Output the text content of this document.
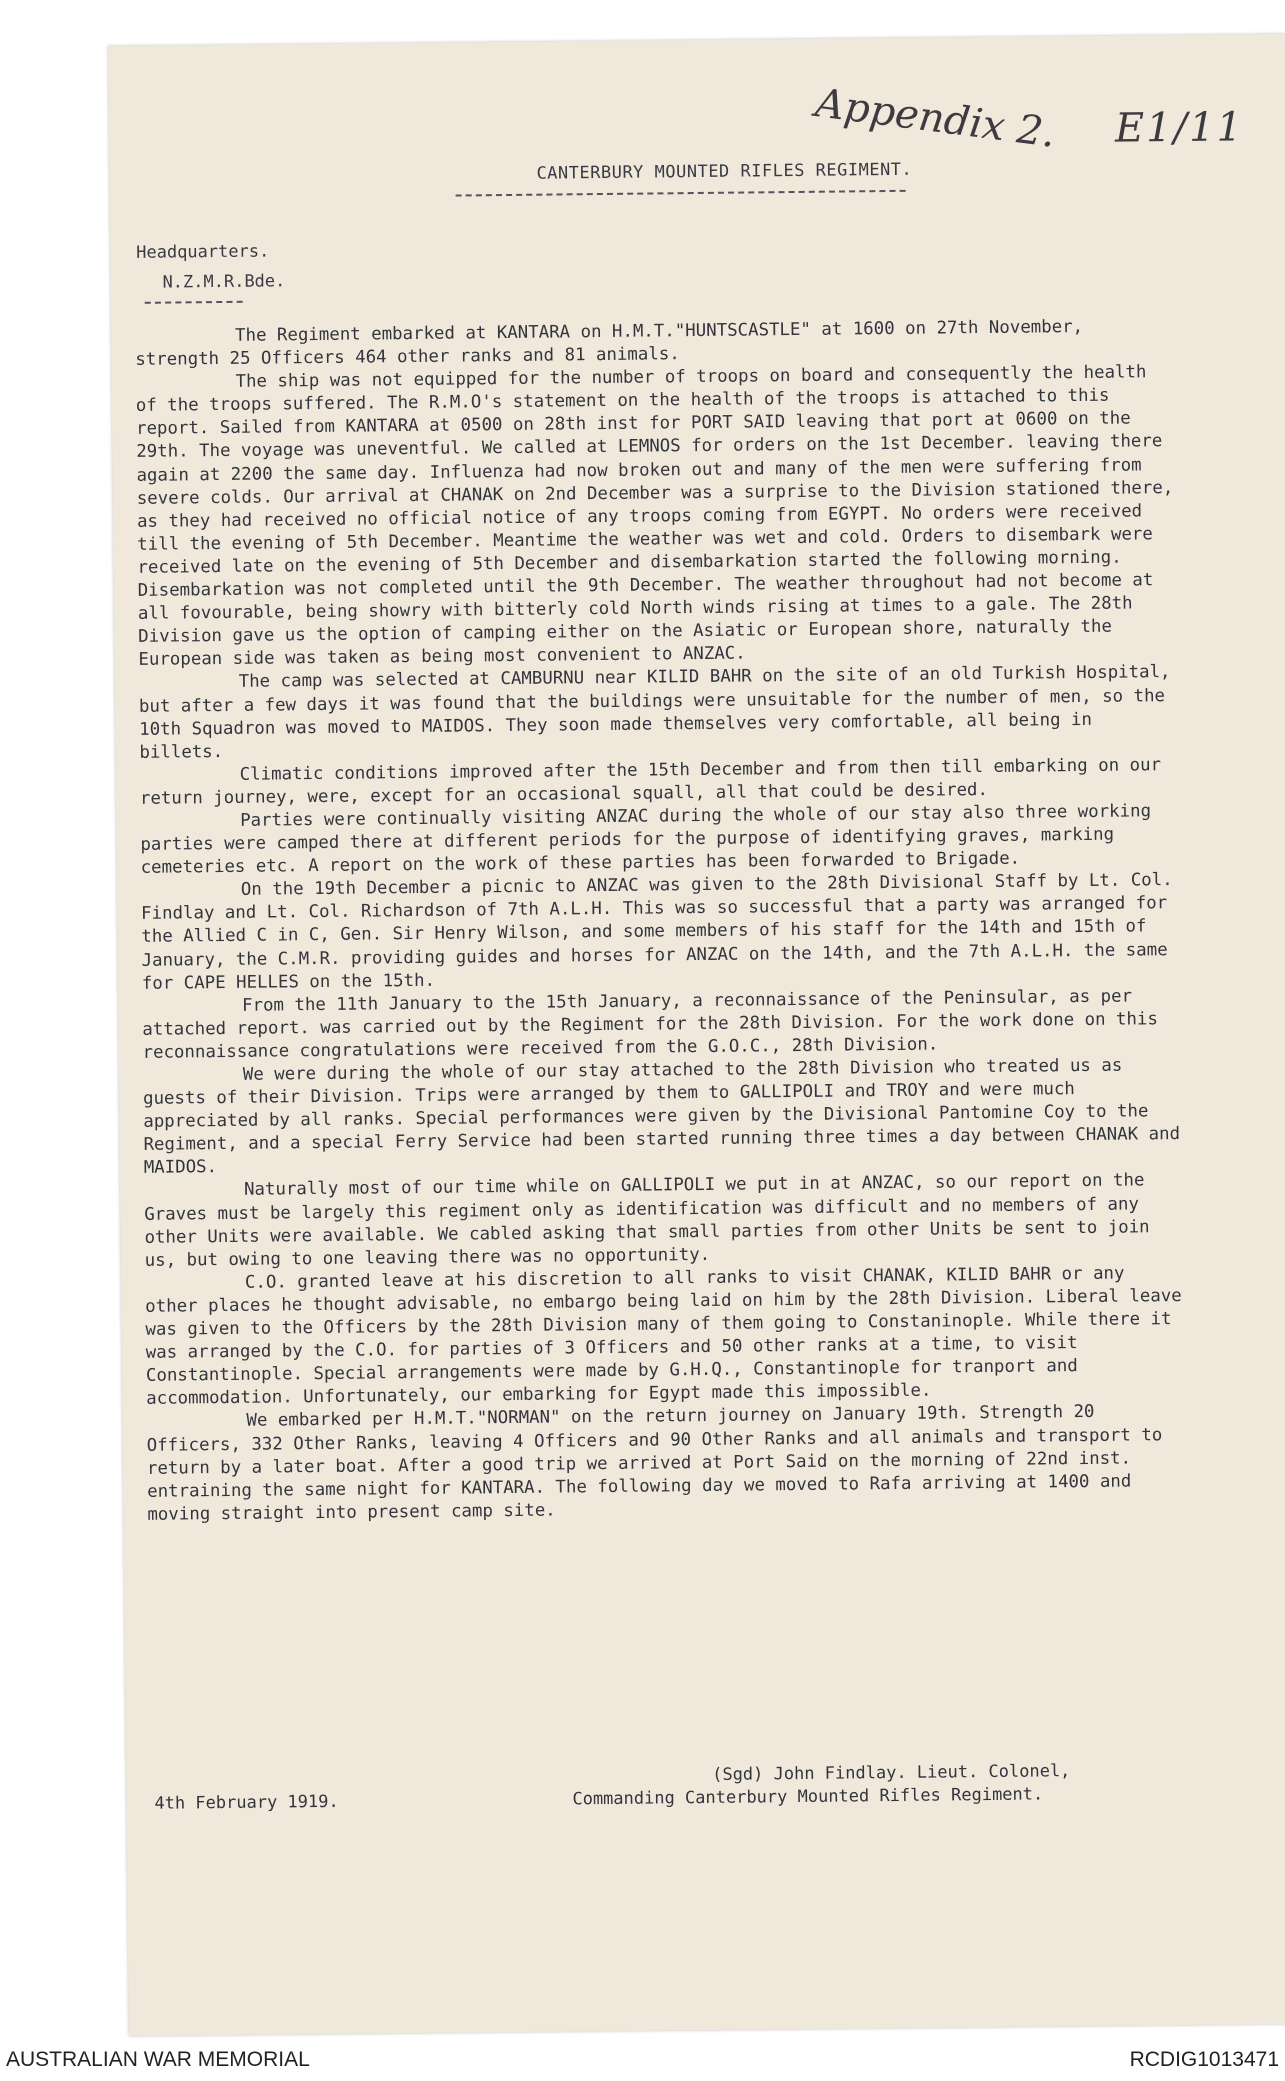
Appendix 2. E1/11
CANTERBURY MOUNTED RIFLES REGIMENT.
Headquarters.
N.Z.M.R.Bde.

The Regiment embarked at KANTARA on H.M.T."HUNTSCASTLE" at 1600 on 27th November, strength 25 Officers 464 other ranks and 81 animals.

The ship was not equipped for the number of troops on board and consequently the health of the troops suffered. The R.M.O's statement on the health of the troops is attached to this report. Sailed from KANTARA at 0500 on 28th inst for PORT SAID leaving that port at 0600 on the 29th. The voyage was uneventful. We called at LEMNOS for orders on the 1st December. leaving there again at 2200 the same day. Influenza had now broken out and many of the men were suffering from severe colds. Our arrival at CHANAK on 2nd December was a surprise to the Division stationed there, as they had received no official notice of any troops coming from EGYPT. No orders were received till the evening of 5th December. Meantime the weather was wet and cold. Orders to disembark were received late on the evening of 5th December and disembarkation started the following morning. Disembarkation was not completed until the 9th December. The weather throughout had not become at all fovourable, being showry with bitterly cold North winds rising at times to a gale. The 28th Division gave us the option of camping either on the Asiatic or European shore, naturally the European side was taken as being most convenient to ANZAC.

The camp was selected at CAMBURNU near KILID BAHR on the site of an old Turkish Hospital, but after a few days it was found that the buildings were unsuitable for the number of men, so the 10th Squadron was moved to MAIDOS. They soon made themselves very comfortable, all being in billets.

Climatic conditions improved after the 15th December and from then till embarking on our return journey, were, except for an occasional squall, all that could be desired.

Parties were continually visiting ANZAC during the whole of our stay also three working parties were camped there at different periods for the purpose of identifying graves, marking cemeteries etc. A report on the work of these parties has been forwarded to Brigade.

On the 19th December a picnic to ANZAC was given to the 28th Divisional Staff by Lt. Col. Findlay and Lt. Col. Richardson of 7th A.L.H. This was so successful that a party was arranged for the Allied C in C, Gen. Sir Henry Wilson, and some members of his staff for the 14th and 15th of January, the C.M.R. providing guides and horses for ANZAC on the 14th, and the 7th A.L.H. the same for CAPE HELLES on the 15th.

From the 11th January to the 15th January, a reconnaissance of the Peninsular, as per attached report. was carried out by the Regiment for the 28th Division. For the work done on this reconnaissance congratulations were received from the G.O.C., 28th Division.

We were during the whole of our stay attached to the 28th Division who treated us as guests of their Division. Trips were arranged by them to GALLIPOLI and TROY and were much appreciated by all ranks. Special performances were given by the Divisional Pantomine Coy to the Regiment, and a special Ferry Service had been started running three times a day between CHANAK and MAIDOS.

Naturally most of our time while on GALLIPOLI we put in at ANZAC, so our report on the Graves must be largely this regiment only as identification was difficult and no members of any other Units were available. We cabled asking that small parties from other Units be sent to join us, but owing to one leaving there was no opportunity.

C.O. granted leave at his discretion to all ranks to visit CHANAK, KILID BAHR or any other places he thought advisable, no embargo being laid on him by the 28th Division. Liberal leave was given to the Officers by the 28th Division many of them going to Constaninople. While there it was arranged by the C.O. for parties of 3 Officers and 50 other ranks at a time, to visit Constantinople. Special arrangements were made by G.H.Q., Constantinople for tranport and accommodation. Unfortunately, our embarking for Egypt made this impossible.

We embarked per H.M.T."NORMAN" on the return journey on January 19th. Strength 20 Officers, 332 Other Ranks, leaving 4 Officers and 90 Other Ranks and all animals and transport to return by a later boat. After a good trip we arrived at Port Said on the morning of 22nd inst. entraining the same night for KANTARA. The following day we moved to Rafa arriving at 1400 and moving straight into present camp site.

(Sgd) John Findlay. Lieut. Colonel,
Commanding Canterbury Mounted Rifles Regiment.
4th February 1919.
AUSTRALIAN WAR MEMORIAL	RCDIG1013471
